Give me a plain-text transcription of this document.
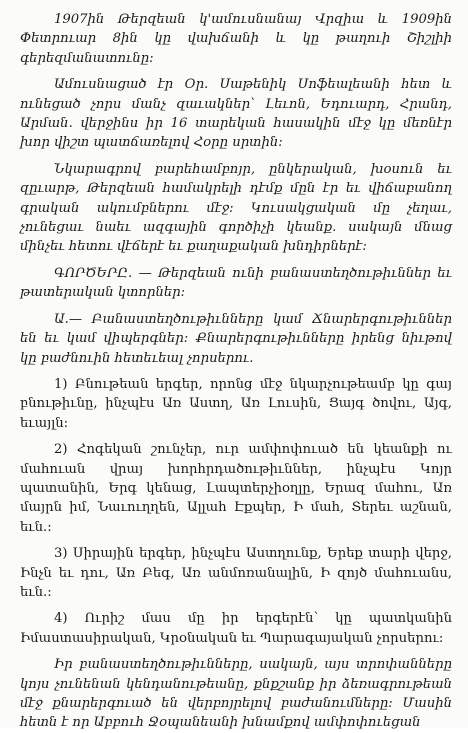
1907ին Թերզեան կ'ամուսնանայ Վրզիա և 1909ին Փետրուար 8ին կը վախճանի և կը թաղուի Շիշլիի գերեզմանատունը:

Ամուսնացած էր Օր. Սաթենիկ Սոֆեալեանի հետ և ունեցած չորս մանչ զաւակներ՝ Լեւոն, Եդուարդ, Հրանդ, Արման. վերջինս իր 16 տարեկան հասակին մէջ կը մեռնէր խոր վիշտ պատճառելով Հօրը սրտին:

Նկարագրով բարեհամբոյր, ընկերական, խօսուն եւ զըւարթ, Թերզեան համակրելի դէմք մըն էր եւ վիճաբանող գրական ակումբներու մէջ: Կուսակցական մը չեղաւ, չունեցաւ նաեւ ազգային գործիչի կեանք. սակայն մնաց մինչեւ հետու վէճերէ եւ քաղաքական խնդիրներէ:

ԳՈՐԾԵՐԸ. — Թերզեան ունի բանաստեղծութիւններ եւ թատերական կտորներ:

Ա.— Բանաստեղծութիւնները կամ Ճնարերգութիւններ են եւ կամ վիպերգներ: Քնարերգութիւնները իրենց նիւթով կը բաժնուին հետեւեալ չորսերու.

1) Բնութեան երգեր, որոնց մէջ նկարչութեամբ կը գայ բնութիւնը, ինչպէս Առ Աստղ, Առ Լուսին, Ցայգ ծովու, Այգ, եւայլն:

2) Հոգեկան շունչեր, ուր ամփոփուած են կեանքի ու մահուան վրայ խորհրդածութիւններ, ինչպէս Կոյր պատանին, Երգ կենաց, Լապտերչիօղլը, Երազ մահու, Առ մայրն իմ, Նաւուղղեն, Ալլահ Էքպեր, Ի մահ, Տերեւ աշնան, եւն.:

3) Սիրային երգեր, ինչպէս Աստղունք, Երեք տարի վերջ, Ինչն եւ դու, Առ Բեգ, Առ անմոռանալին, Ի զոյծ մահուանս, եւն.:

4) Ուրիշ մաս մը իր երգերէն՝ կը պատկանին Իմաստասիրական, Կրօնական եւ Պարագայական չորսերու:

Իր բանաստեղծութիւնները, սակայն, այս տրոփանները կոյս չունենան կենդանութեանը, քնքշանք իր ձեռագրութեան մէջ քնարերգուած են վերբոյրելով բաժանումները: Մասին հետն է որ Աբբուհ Ջօպանեանի խնամքով ամփոփուեցան
